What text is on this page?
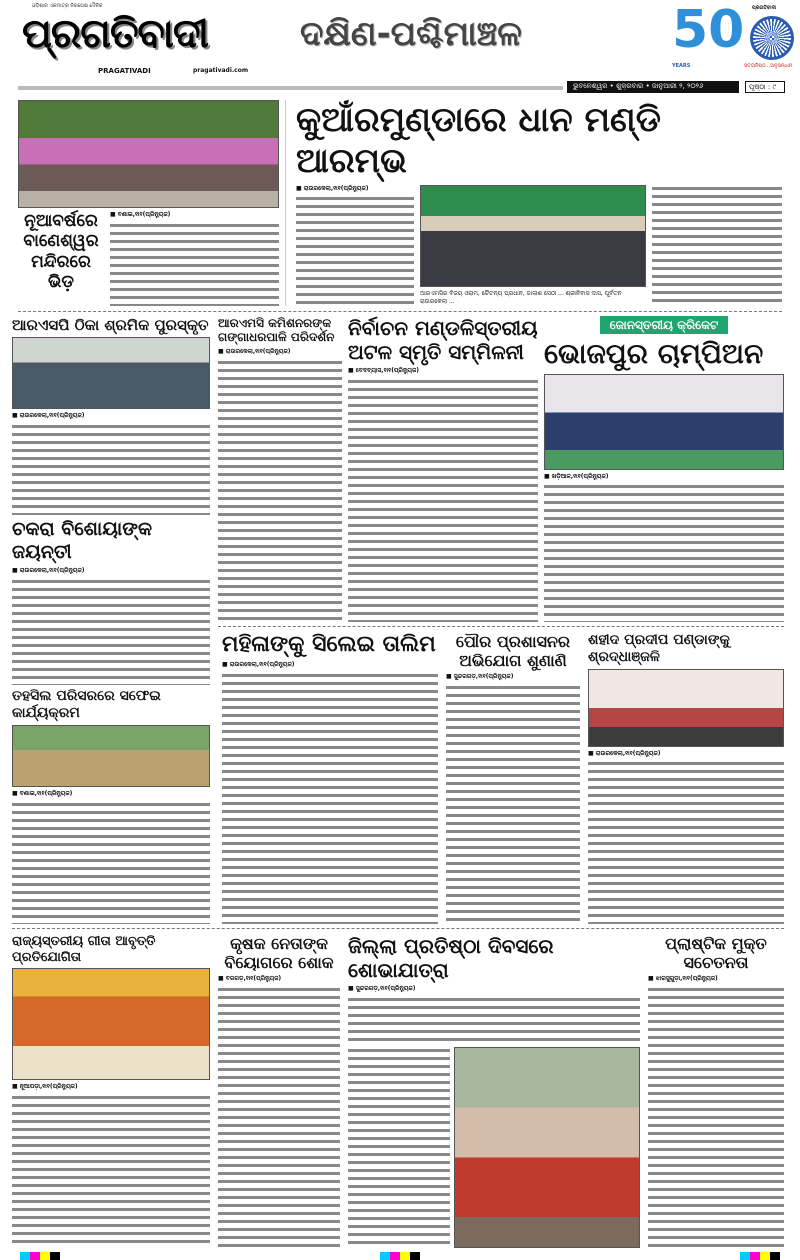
ଓଡ଼ିଶାର ଏକମାତ୍ର ନିରପେକ୍ଷ ଦୈନିକ
ପ୍ରଗତିବାଦୀ
PRAGATIVADI	pragativadi.com
ଦକ୍ଷିଣ-ପଶ୍ଚିମାଞ୍ଚଳ	50 ପ୍ରଗତିବାଦୀ
YEARS	ସତ୍ୟନିଷ୍ଠ...ଅନୁସନ୍ଧାନ
ଭୁବନେଶ୍ୱର • ଶୁକ୍ରବାର • ଜାନୁଆରୀ ୨, ୨୦୨୬	ପୃଷ୍ଠା : ୯
ନୂଆବର୍ଷରେ ବାଣେଶ୍ୱର ମନ୍ଦିରରେ ଭିଡ଼
■ ବଣାଇ,୧ା୧(ପ୍ରିନ୍ୟୁଜ)
କୁଆଁରମୁଣ୍ଡାରେ ଧାନ ମଣ୍ଡି ଆରମ୍ଭ
■ ରାଉରକେଲା,୧ା୧(ପ୍ରିନ୍ୟୁଜ)
ଆରଏମସିର ବିଜୟ ଓରାମ, ଚୈତନ୍ୟ ପ୍ରଧାନ, ଜାଲାଶ ସେଠୀ ... ଶ୍ରୀନିବାସ ଦାସ, ପୂର୍ବତନ ରାଉରକେଲା ...
ଆରଏସପି ଠିକା ଶ୍ରମିକ ପୁରସ୍କୃତ
■ ରାଉରକେଲା,୧ା୧(ପ୍ରିନ୍ୟୁଜ)
ଚକରା ବିଶୋୟାଙ୍କ ଜୟନ୍ତୀ
■ ରାଉରକେଲା,୧ା୧(ପ୍ରିନ୍ୟୁଜ)
ତହସିଲ ପରିସରରେ ସଫେଇ କାର୍ଯ୍ୟକ୍ରମ
■ ବଣାଇ,୧ା୧(ପ୍ରିନ୍ୟୁଜ)
ଆରଏମସି କମିଶନରଙ୍କ ଗଙ୍ଗାଧରପାଳି ପରିଦର୍ଶନ
■ ରାଉରକେଲା,୧ା୧(ପ୍ରିନ୍ୟୁଜ)
ନିର୍ବାଚନ ମଣ୍ଡଳିସ୍ତରୀୟ ଅଟଳ ସ୍ମୃତି ସମ୍ମିଳନୀ
■ ବେଦବ୍ୟାସ,୧ା୧(ପ୍ରିନ୍ୟୁଜ)
ଜୋନସ୍ତରୀୟ କ୍ରିକେଟ
ଭୋଜପୁର ଚାମ୍ପିଅନ
■ ଖଡ଼ିଆଳ,୧ା୧(ପ୍ରିନ୍ୟୁଜ)
ମହିଳାଙ୍କୁ ସିଲେଇ ତାଲିମ
■ ରାଉରକେଲା,୧ା୧(ପ୍ରିନ୍ୟୁଜ)
ପୌର ପ୍ରଶାସନର ଅଭିଯୋଗ ଶୁଣାଣି
■ ସୁନ୍ଦରଗଡ଼,୧ା୧(ପ୍ରିନ୍ୟୁଜ)
ଶହୀଦ ପ୍ରଦୀପ ପଣ୍ଡାଙ୍କୁ ଶ୍ରଦ୍ଧାଞ୍ଜଳି
■ ରାଉରକେଲା,୧ା୧(ପ୍ରିନ୍ୟୁଜ)
ରାଜ୍ୟସ୍ତରୀୟ ଗୀତା ଆବୃତ୍ତି ପ୍ରତିଯୋଗିତା
■ ନୂଆପଡ଼ା,୧ା୧(ପ୍ରିନ୍ୟୁଜ)
କୃଷକ ନେତାଙ୍କ ବିୟୋଗରେ ଶୋକ
■ ବରଗଡ଼,୧ା୧(ପ୍ରିନ୍ୟୁଜ)
ଜିଲ୍ଲା ପ୍ରତିଷ୍ଠା ଦିବସରେ ଶୋଭାଯାତ୍ରା
■ ସୁନ୍ଦରଗଡ଼,୧ା୧(ପ୍ରିନ୍ୟୁଜ)
ପ୍ଲାଷ୍ଟିକ ମୁକ୍ତ ସଚେତନତା
■ ଝାରସୁଗୁଡ଼ା,୧ା୧(ପ୍ରିନ୍ୟୁଜ)
